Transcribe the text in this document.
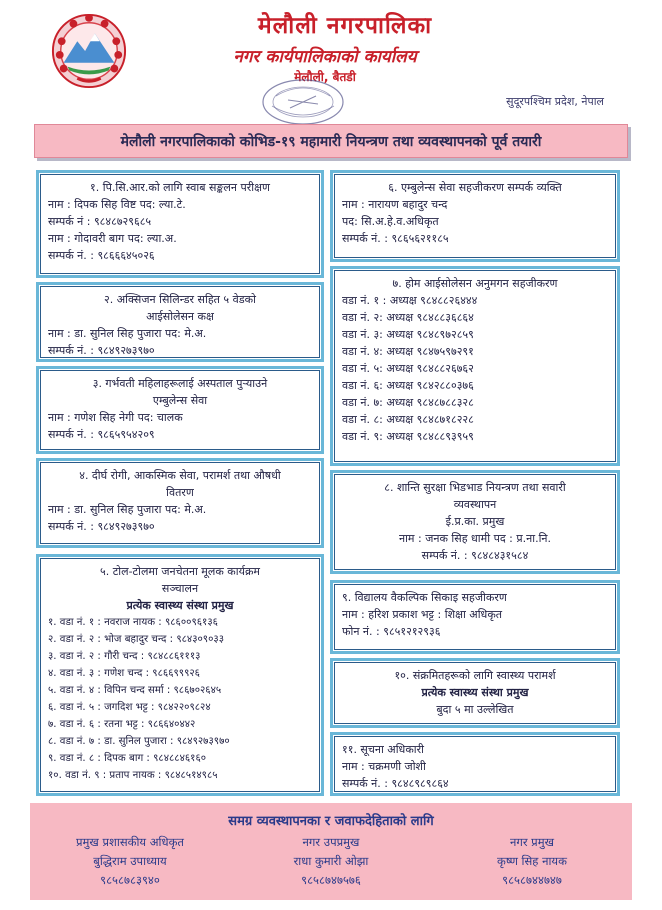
मेलौली नगरपालिका
नगर कार्यपालिकाको कार्यालय
मेलौली, बैतडी
सुदूरपश्चिम प्रदेश, नेपाल
मेलौली नगरपालिकाको कोभिड-१९ महामारी नियन्त्रण तथा व्यवस्थापनको पूर्व तयारी
१. पि.सि.आर.को लागि स्वाब सङ्कलन परीक्षण
नाम : दिपक सिह विष्ट पद: ल्या.टे.
सम्पर्क नं : ९८४८७२९६८५
नाम : गोदावरी बाग पद: ल्या.अ.
सम्पर्क नं. : ९८६६६४५०२६
२. अक्सिजन सिलिन्डर सहित ५ वेडको
आईसोलेसन कक्ष
नाम : डा. सुनिल सिह पुजारा पद: मे.अ.
सम्पर्क नं. : ९८४९२७३९७०
३. गर्भवती महिलाहरूलाई अस्पताल पुऱ्याउने
एम्बुलेन्स सेवा
नाम : गणेश सिह नेगी पद: चालक
सम्पर्क नं. : ९८६५९५४२०९
४. दीर्घ रोगी, आकस्मिक सेवा, परामर्श तथा औषधी
वितरण
नाम : डा. सुनिल सिह पुजारा पद: मे.अ.
सम्पर्क नं. : ९८४९२७३९७०
५. टोल-टोलमा जनचेतना मूलक कार्यक्रम
सञ्चालन
प्रत्येक स्वास्थ्य संस्था प्रमुख
१. वडा नं. १ : नवराज नायक : ९८६००९६१३६
२. वडा नं. २ : भोज बहादुर चन्द : ९८४३०९०३३
३. वडा नं. २ : गौरी चन्द : ९८४८८६१११३
४. वडा नं. ३ : गणेश चन्द : ९८६६९९९२६
५. वडा नं. ४ : विपिन चन्द सर्मा : ९८६७०२६४५
६. वडा नं. ५ : जगदिश भट्ट : ९८४२२०९८२४
७. वडा नं. ६ : रतना भट्ट : ९८६६४०४४२
८. वडा नं. ७ : डा. सुनिल पुजारा : ९८४९२७३९७०
९. वडा नं. ८ : दिपक बाग : ९८४८८४६१६०
१०. वडा नं. ९ : प्रताप नायक : ९८४८५१४९८५
६. एम्बुलेन्स सेवा सहजीकरण सम्पर्क व्यक्ति
नाम : नारायण बहादुर चन्द
पद: सि.अ.हे.व.अधिकृत
सम्पर्क नं. : ९८६५६२११८५
७. होम आईसोलेसन अनुमगन सहजीकरण
वडा नं. १ : अध्यक्ष ९८४८८२६४४४
वडा नं. २: अध्यक्ष ९८४८८३६८६४
वडा नं. ३: अध्यक्ष ९८४८९७२८५९
वडा नं. ४: अध्यक्ष ९८४७५९७२९१
वडा नं. ५: अध्यक्ष ९८४८८२६७६२
वडा नं. ६: अध्यक्ष ९८४२८८०३७६
वडा नं. ७: अध्यक्ष ९८४८७८८३२८
वडा नं. ८: अध्यक्ष ९८४८७१८२२८
वडा नं. ९: अध्यक्ष ९८४८८९३९५९
८. शान्ति सुरक्षा भिडभाड नियन्त्रण तथा सवारी
व्यवस्थापन
ई.प्र.का. प्रमुख
नाम : जनक सिह धामी पद : प्र.ना.नि.
सम्पर्क नं. : ९८४८४३१५८४
९. विद्यालय वैकल्पिक सिकाइ सहजीकरण
नाम : हरिश प्रकाश भट्ट : शिक्षा अधिकृत
फोन नं. : ९८५१२१२९३६
१०. संक्रमितहरूको लागि स्वास्थ्य परामर्श
प्रत्येक स्वास्थ्य संस्था प्रमुख
बुदा ५ मा उल्लेखित
११. सूचना अधिकारी
नाम : चक्रमणी जोशी
सम्पर्क नं. : ९८४८९८९८६४
समग्र व्यवस्थापनका र जवाफदेहिताको लागि
प्रमुख प्रशासकीय अधिकृत
बुद्धिराम उपाध्याय
९८५८७८३९४०
नगर उपप्रमुख
राधा कुमारी ओझा
९८५८७४७५७६
नगर प्रमुख
कृष्ण सिह नायक
९८५८७४४७४७
